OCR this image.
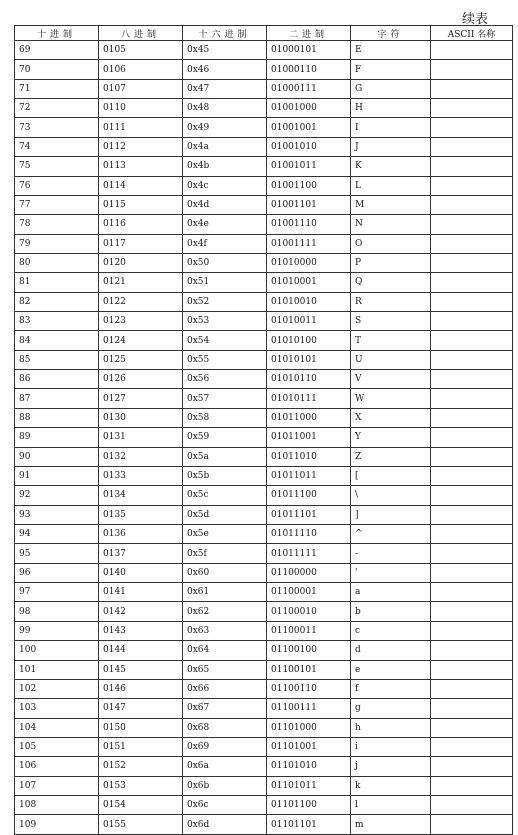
续表
十进制	八进制	十六进制	二进制	字符	ASCII 名称
69	0105	0x45	01000101	E	
70	0106	0x46	01000110	F	
71	0107	0x47	01000111	G	
72	0110	0x48	01001000	H	
73	0111	0x49	01001001	I	
74	0112	0x4a	01001010	J	
75	0113	0x4b	01001011	K	
76	0114	0x4c	01001100	L	
77	0115	0x4d	01001101	M	
78	0116	0x4e	01001110	N	
79	0117	0x4f	01001111	O	
80	0120	0x50	01010000	P	
81	0121	0x51	01010001	Q	
82	0122	0x52	01010010	R	
83	0123	0x53	01010011	S	
84	0124	0x54	01010100	T	
85	0125	0x55	01010101	U	
86	0126	0x56	01010110	V	
87	0127	0x57	01010111	W	
88	0130	0x58	01011000	X	
89	0131	0x59	01011001	Y	
90	0132	0x5a	01011010	Z	
91	0133	0x5b	01011011	[	
92	0134	0x5c	01011100	\	
93	0135	0x5d	01011101	]	
94	0136	0x5e	01011110	^	
95	0137	0x5f	01011111	-	
96	0140	0x60	01100000	'	
97	0141	0x61	01100001	a	
98	0142	0x62	01100010	b	
99	0143	0x63	01100011	c	
100	0144	0x64	01100100	d	
101	0145	0x65	01100101	e	
102	0146	0x66	01100110	f	
103	0147	0x67	01100111	g	
104	0150	0x68	01101000	h	
105	0151	0x69	01101001	i	
106	0152	0x6a	01101010	j	
107	0153	0x6b	01101011	k	
108	0154	0x6c	01101100	l	
109	0155	0x6d	01101101	m	
